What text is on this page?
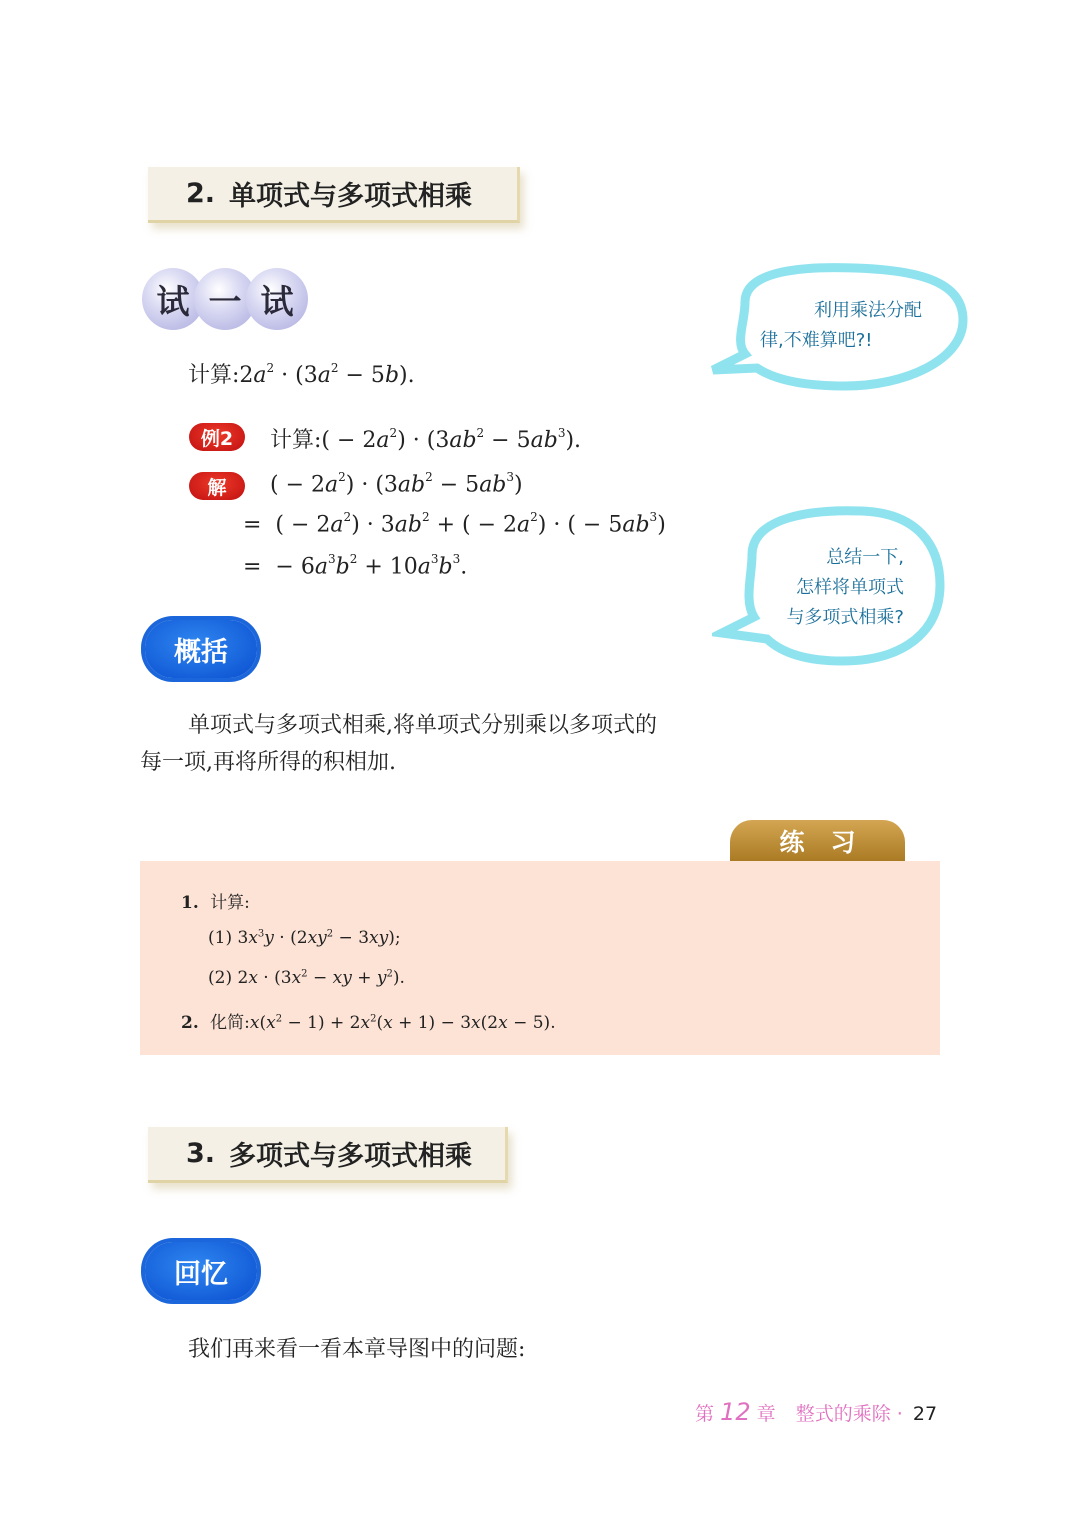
2. 单项式与多项式相乘
试 一 试
计算$:2a^2 \cdot (3a^2 - 5b)$.
利用乘法分配
律,不难算吧?!
例2	计算:( − $2a^2) \cdot (3ab^2 - 5ab^3)$.
解	( − $2a^2) \cdot (3ab^2 - 5ab^3)$
=  ( − $2a^2) \cdot 3ab^2$ + ( − $2a^2$) · ( − $5ab^3$)
=  − $6a^3b^2 + 10a^3b^3$.	总结一下,
怎样将单项式
与多项式相乘?
概括
单项式与多项式相乘,将单项式分别乘以多项式的
每一项,再将所得的积相加.
练习
1. 计算:
(1) $3x^3y \cdot (2xy^2 - 3xy)$;
(2) $2x \cdot (3x^2$ − xy + $y^2$).
2. 化简$:x(x^2 - 1) + 2x^2(x + 1) - 3x(2x - 5)$.
3. 多项式与多项式相乘
回忆
我们再来看一看本章导图中的问题:
第 12 章 整式的乘除 · 27
